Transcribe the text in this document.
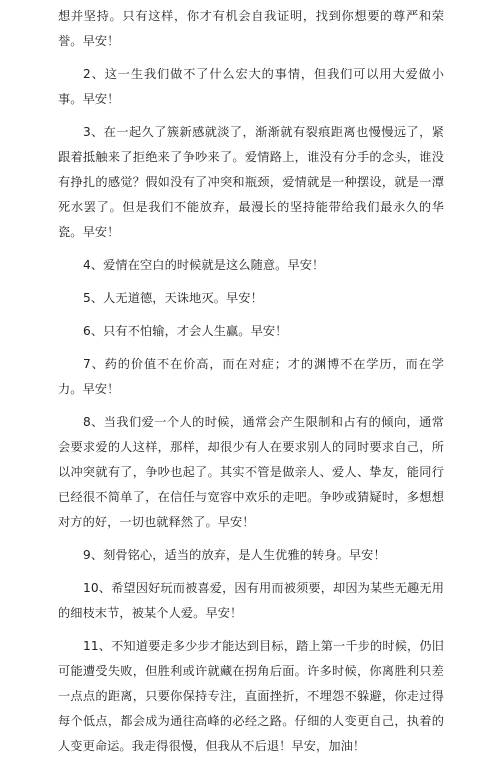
想并坚持。只有这样，你才有机会自我证明，找到你想要的尊严和荣誉。早安！

2、这一生我们做不了什么宏大的事情，但我们可以用大爱做小事。早安！

3、在一起久了簇新感就淡了，渐渐就有裂痕距离也慢慢远了，紧跟着抵触来了拒绝来了争吵来了。爱情路上，谁没有分手的念头，谁没有挣扎的感觉？假如没有了冲突和瓶颈，爱情就是一种摆设，就是一潭死水罢了。但是我们不能放弃，最漫长的坚持能带给我们最永久的华瓷。早安！

4、爱情在空白的时候就是这么随意。早安！

5、人无道德，天诛地灭。早安！

6、只有不怕输，才会人生赢。早安！

7、药的价值不在价高，而在对症；才的渊博不在学历，而在学力。早安！

8、当我们爱一个人的时候，通常会产生限制和占有的倾向，通常会要求爱的人这样，那样，却很少有人在要求别人的同时要求自己，所以冲突就有了，争吵也起了。其实不管是做亲人、爱人、挚友，能同行已经很不简单了，在信任与宽容中欢乐的走吧。争吵或猜疑时，多想想对方的好，一切也就释然了。早安！

9、刻骨铭心，适当的放弃，是人生优雅的转身。早安！

10、希望因好玩而被喜爱，因有用而被须要，却因为某些无趣无用的细枝末节，被某个人爱。早安！

11、不知道要走多少步才能达到目标，踏上第一千步的时候，仍旧可能遭受失败，但胜利或许就藏在拐角后面。许多时候，你离胜利只差一点点的距离，只要你保持专注，直面挫折，不埋怨不躲避，你走过得每个低点，都会成为通往高峰的必经之路。仔细的人变更自己，执着的人变更命运。我走得很慢，但我从不后退！早安，加油！
